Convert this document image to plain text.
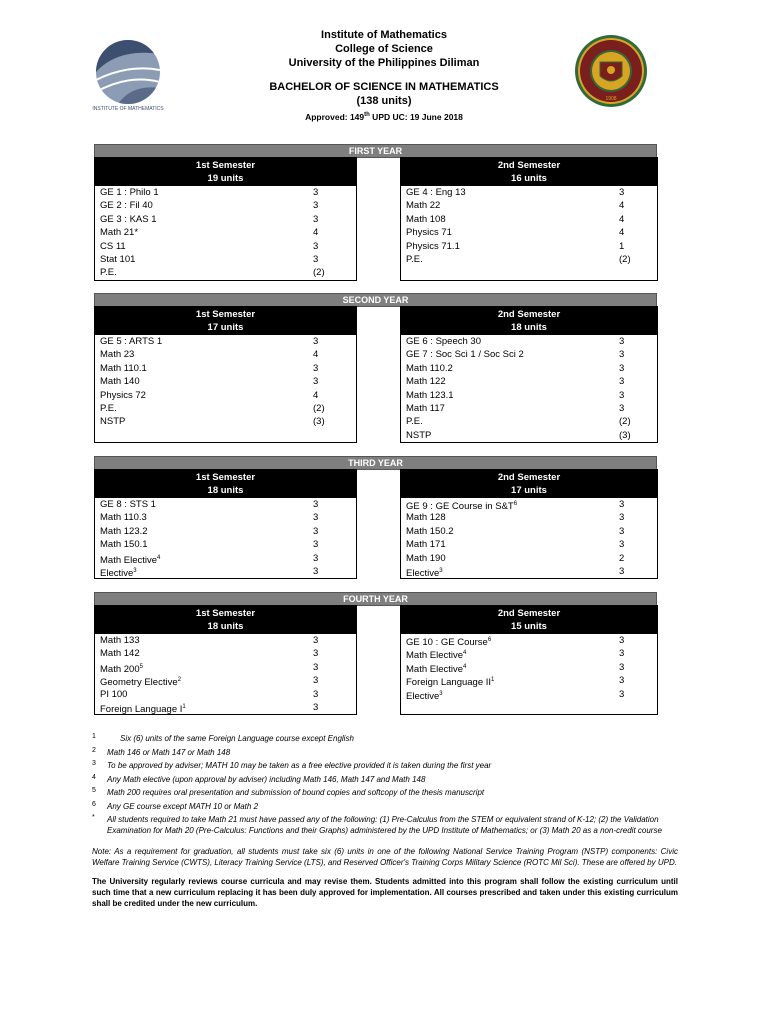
INSTITUTE OF MATHEMATICS
1908
Institute of Mathematics
College of Science
University of the Philippines Diliman
BACHELOR OF SCIENCE IN MATHEMATICS
(138 units)
Approved: 149th UPD UC: 19 June 2018
FIRST YEAR
1st Semester
19 units
GE 1 : Philo 1	3
GE 2 : Fil 40	3
GE 3 : KAS 1	3
Math 21*	4
CS 11	3
Stat 101	3
P.E.	(2)
2nd Semester
16 units
GE 4 : Eng 13	3
Math 22	4
Math 108	4
Physics 71	4
Physics 71.1	1
P.E.	(2)
SECOND YEAR
1st Semester
17 units
GE 5 : ARTS 1	3
Math 23	4
Math 110.1	3
Math 140	3
Physics 72	4
P.E.	(2)
NSTP	(3)
2nd Semester
18 units
GE 6 : Speech 30	3
GE 7 : Soc Sci 1 / Soc Sci 2	3
Math 110.2	3
Math 122	3
Math 123.1	3
Math 117	3
P.E.	(2)
NSTP	(3)
THIRD YEAR
1st Semester
18 units
GE 8 : STS 1	3
Math 110.3	3
Math 123.2	3
Math 150.1	3
Math Elective$^4$	3
Elective$^3$	3
2nd Semester
17 units
GE 9 : GE Course in $S\&T^6$	3
Math 128	3
Math 150.2	3
Math 171	3
Math 190	2
Elective$^3$	3
FOURTH YEAR
1st Semester
18 units
Math 133	3
Math 142	3
Math $200^5$	3
Geometry Elective$^2$	3
PI 100	3
Foreign Language $I^1$	3
2nd Semester
15 units
GE 10 : GE Course$^6$	3
Math Elective$^4$	3
Math Elective$^4$	3
Foreign Language $II^1$	3
Elective$^3$	3
1	Six (6) units of the same Foreign Language course except English
2 Math 146 or Math 147 or Math 148
3 To be approved by adviser; MATH 10 may be taken as a free elective provided it is taken during the first year
4 Any Math elective (upon approval by adviser) including Math 146, Math 147 and Math 148
5 Math 200 requires oral presentation and submission of bound copies and softcopy of the thesis manuscript
6 Any GE course except MATH 10 or Math 2
* All students required to take Math 21 must have passed any of the following: (1) Pre-Calculus from the STEM or equivalent strand of K-12; (2) the Validation Examination for Math 20 (Pre-Calculus: Functions and their Graphs) administered by the UPD Institute of Mathematics; or (3) Math 20 as a non-credit course
Note: As a requirement for graduation, all students must take six (6) units in one of the following National Service Training Program (NSTP) components: Civic Welfare Training Service (CWTS), Literacy Training Service (LTS), and Reserved Officer's Training Corps Military Science (ROTC Mil Sci). These are offered by UPD.
The University regularly reviews course curricula and may revise them. Students admitted into this program shall follow the existing curriculum until such time that a new curriculum replacing it has been duly approved for implementation. All courses prescribed and taken under this existing curriculum shall be credited under the new curriculum.
